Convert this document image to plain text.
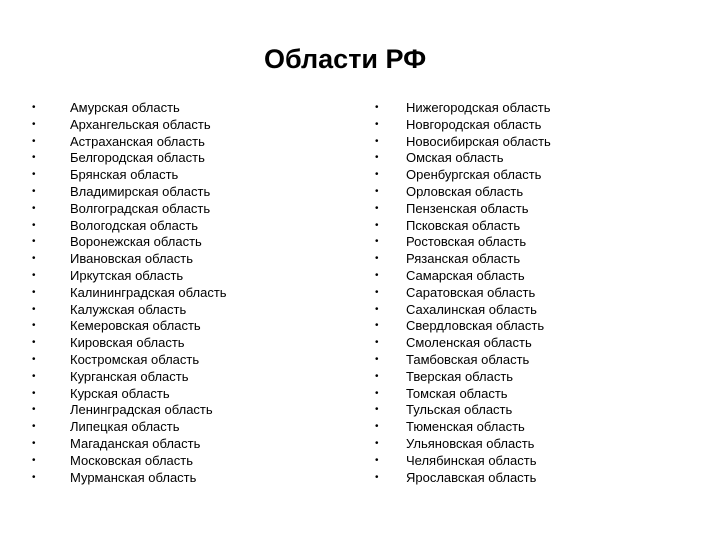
Области РФ
•	Амурская область
•	Архангельская область
•	Астраханская область
•	Белгородская область
•	Брянская область
•	Владимирская область
•	Волгоградская область
•	Вологодская область
•	Воронежская область
•	Ивановская область
•	Иркутская область
•	Калининградская область
•	Калужская область
•	Кемеровская область
•	Кировская область
•	Костромская область
•	Курганская область
•	Курская область
•	Ленинградская область
•	Липецкая область
•	Магаданская область
•	Московская область
•	Мурманская область
• Нижегородская область
• Новгородская область
• Новосибирская область
• Омская область
• Оренбургская область
• Орловская область
• Пензенская область
• Псковская область
• Ростовская область
• Рязанская область
• Самарская область
• Саратовская область
• Сахалинская область
• Свердловская область
• Смоленская область
• Тамбовская область
• Тверская область
• Томская область
• Тульская область
• Тюменская область
• Ульяновская область
• Челябинская область
• Ярославская область
